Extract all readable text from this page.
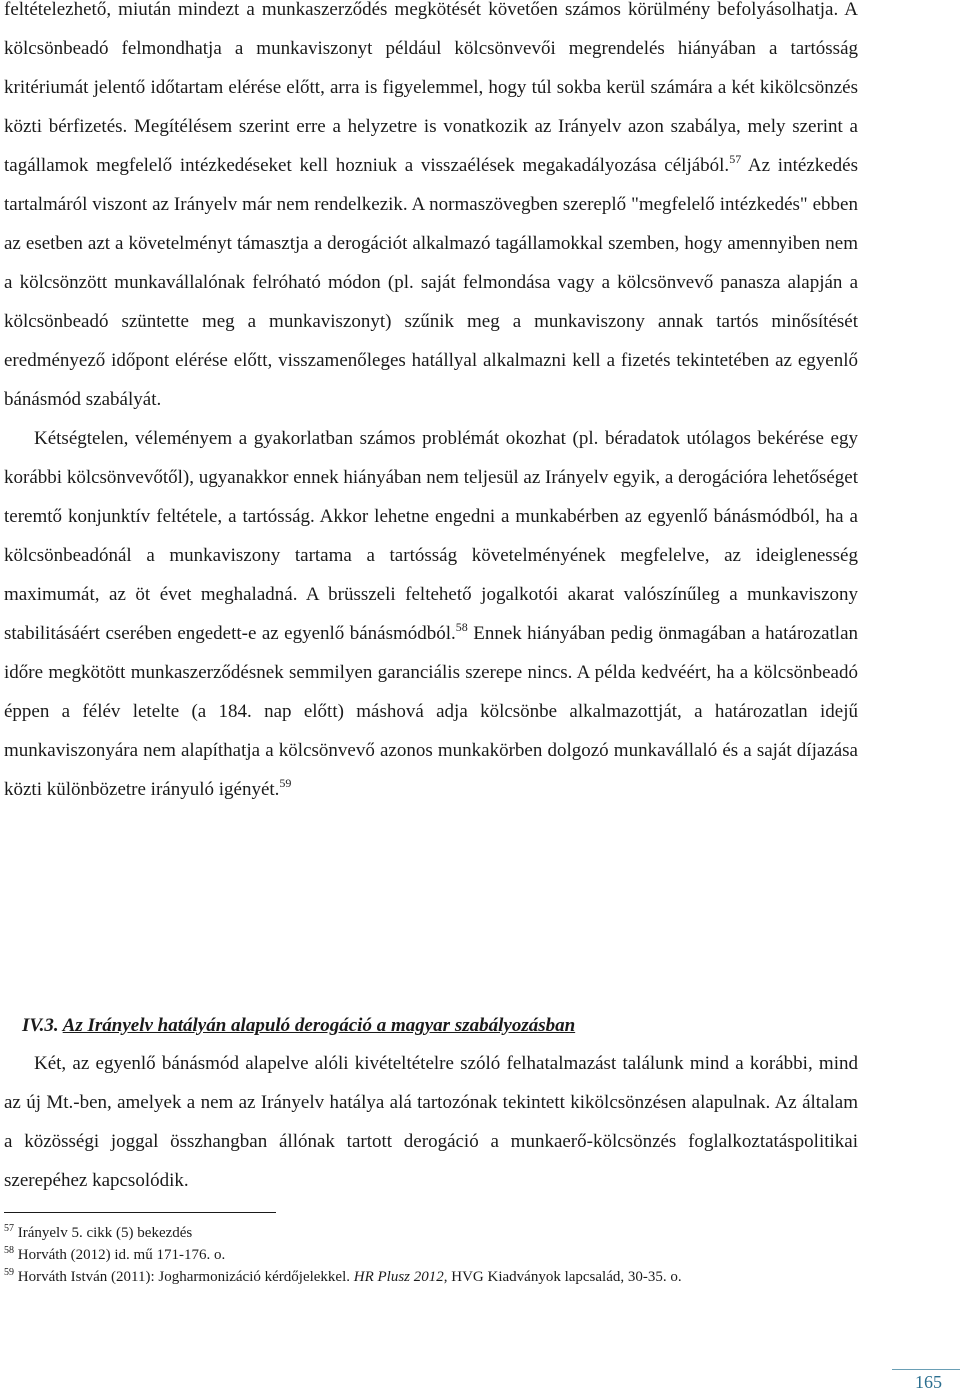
feltételezhető, miután mindezt a munkaszerződés megkötését követően számos körülmény befolyásolhatja. A kölcsönbeadó felmondhatja a munkaviszonyt például kölcsönvevői megrendelés hiányában a tartósság kritériumát jelentő időtartam elérése előtt, arra is figyelemmel, hogy túl sokba kerül számára a két kikölcsönzés közti bérfizetés. Megítélésem szerint erre a helyzetre is vonatkozik az Irányelv azon szabálya, mely szerint a tagállamok megfelelő intézkedéseket kell hozniuk a visszaélések megakadályozása céljából.$^{57}$ Az intézkedés tartalmáról viszont az Irányelv már nem rendelkezik. A normaszövegben szereplő "megfelelő intézkedés" ebben az esetben azt a követelményt támasztja a derogációt alkalmazó tagállamokkal szemben, hogy amennyiben nem a kölcsönzött munkavállalónak felróható módon (pl. saját felmondása vagy a kölcsönvevő panasza alapján a kölcsönbeadó szüntette meg a munkaviszonyt) szűnik meg a munkaviszony annak tartós minősítését eredményező időpont elérése előtt, visszamenőleges hatállyal alkalmazni kell a fizetés tekintetében az egyenlő bánásmód szabályát.

Kétségtelen, véleményem a gyakorlatban számos problémát okozhat (pl. béradatok utólagos bekérése egy korábbi kölcsönvevőtől), ugyanakkor ennek hiányában nem teljesül az Irányelv egyik, a derogációra lehetőséget teremtő konjunktív feltétele, a tartósság. Akkor lehetne engedni a munkabérben az egyenlő bánásmódból, ha a kölcsönbeadónál a munkaviszony tartama a tartósság követelményének megfelelve, az ideiglenesség maximumát, az öt évet meghaladná. A brüsszeli feltehető jogalkotói akarat valószínűleg a munkaviszony stabilitásáért cserében engedett-e az egyenlő bánásmódból.$^{58}$ Ennek hiányában pedig önmagában a határozatlan időre megkötött munkaszerződésnek semmilyen garanciális szerepe nincs. A példa kedvéért, ha a kölcsönbeadó éppen a félév letelte (a 184. nap előtt) máshová adja kölcsönbe alkalmazottját, a határozatlan idejű munkaviszonyára nem alapíthatja a kölcsönvevő azonos munkakörben dolgozó munkavállaló és a saját díjazása közti különbözetre irányuló igényét.$^{59}$

IV.3. Az Irányelv hatályán alapuló derogáció a magyar szabályozásban

Két, az egyenlő bánásmód alapelve alóli kivételtételre szóló felhatalmazást találunk mind a korábbi, mind az új Mt.-ben, amelyek a nem az Irányelv hatálya alá tartozónak tekintett kikölcsönzésen alapulnak. Az általam a közösségi joggal összhangban állónak tartott derogáció a munkaerő-kölcsönzés foglalkoztatáspolitikai szerepéhez kapcsolódik.

$^{57}$ Irányelv 5. cikk (5) bekezdés

$^{58}$ Horváth (2012) id. mű 171-176. o.

$^{59}$ Horváth István (2011): Jogharmonizáció kérdőjelekkel. HR Plusz 2012, HVG Kiadványok lapcsalád, 30-35. o.

165
